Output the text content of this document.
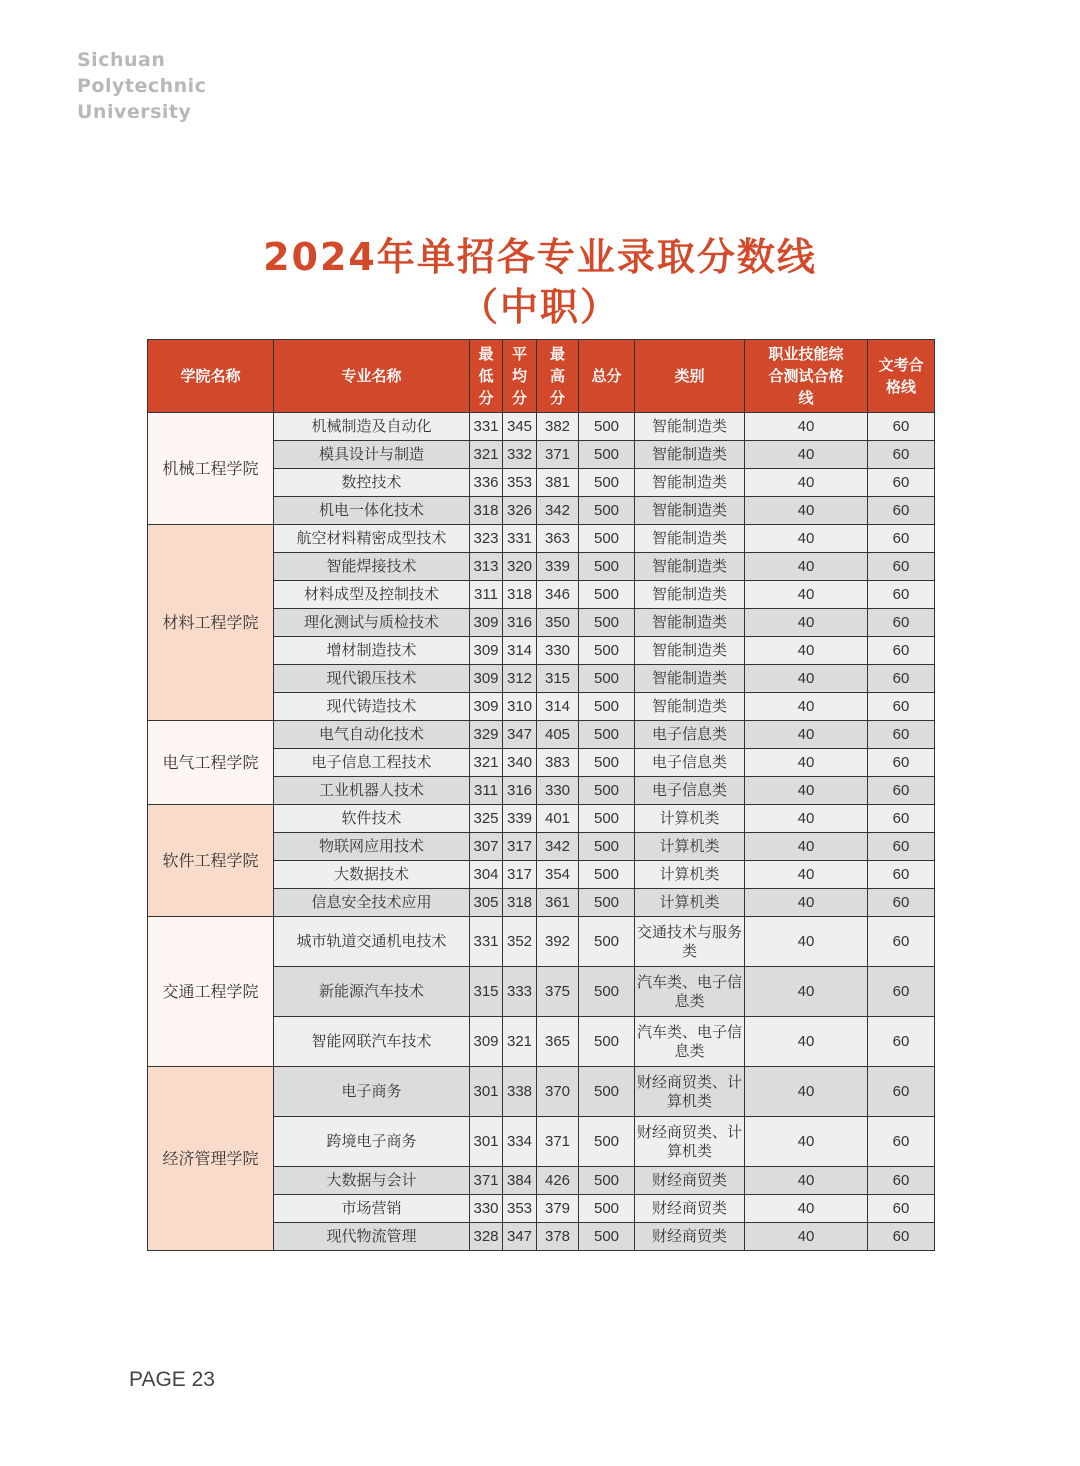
Sichuan
Polytechnic
University
2024年单招各专业录取分数线
（中职）
学院名称	专业名称	最低分	平均分	最高分	总分	类别	职业技能综合测试合格线	文考合格线

机械工程学院	机械制造及自动化	331	345	382	500	智能制造类	40	60
	模具设计与制造	321	332	371	500	智能制造类	40	60
	数控技术	336	353	381	500	智能制造类	40	60
	机电一体化技术	318	326	342	500	智能制造类	40	60
材料工程学院	航空材料精密成型技术	323	331	363	500	智能制造类	40	60
	智能焊接技术	313	320	339	500	智能制造类	40	60
	材料成型及控制技术	311	318	346	500	智能制造类	40	60
	理化测试与质检技术	309	316	350	500	智能制造类	40	60
	增材制造技术	309	314	330	500	智能制造类	40	60
	现代锻压技术	309	312	315	500	智能制造类	40	60
	现代铸造技术	309	310	314	500	智能制造类	40	60
电气工程学院	电气自动化技术	329	347	405	500	电子信息类	40	60
	电子信息工程技术	321	340	383	500	电子信息类	40	60
	工业机器人技术	311	316	330	500	电子信息类	40	60
软件工程学院	软件技术	325	339	401	500	计算机类	40	60
	物联网应用技术	307	317	342	500	计算机类	40	60
	大数据技术	304	317	354	500	计算机类	40	60
	信息安全技术应用	305	318	361	500	计算机类	40	60
交通工程学院	城市轨道交通机电技术	331	352	392	500	交通技术与服务类	40	60
	新能源汽车技术	315	333	375	500	汽车类、电子信息类	40	60
	智能网联汽车技术	309	321	365	500	汽车类、电子信息类	40	60
经济管理学院	电子商务	301	338	370	500	财经商贸类、计算机类	40	60
	跨境电子商务	301	334	371	500	财经商贸类、计算机类	40	60
	大数据与会计	371	384	426	500	财经商贸类	40	60
	市场营销	330	353	379	500	财经商贸类	40	60
	现代物流管理	328	347	378	500	财经商贸类	40	60
PAGE 23
